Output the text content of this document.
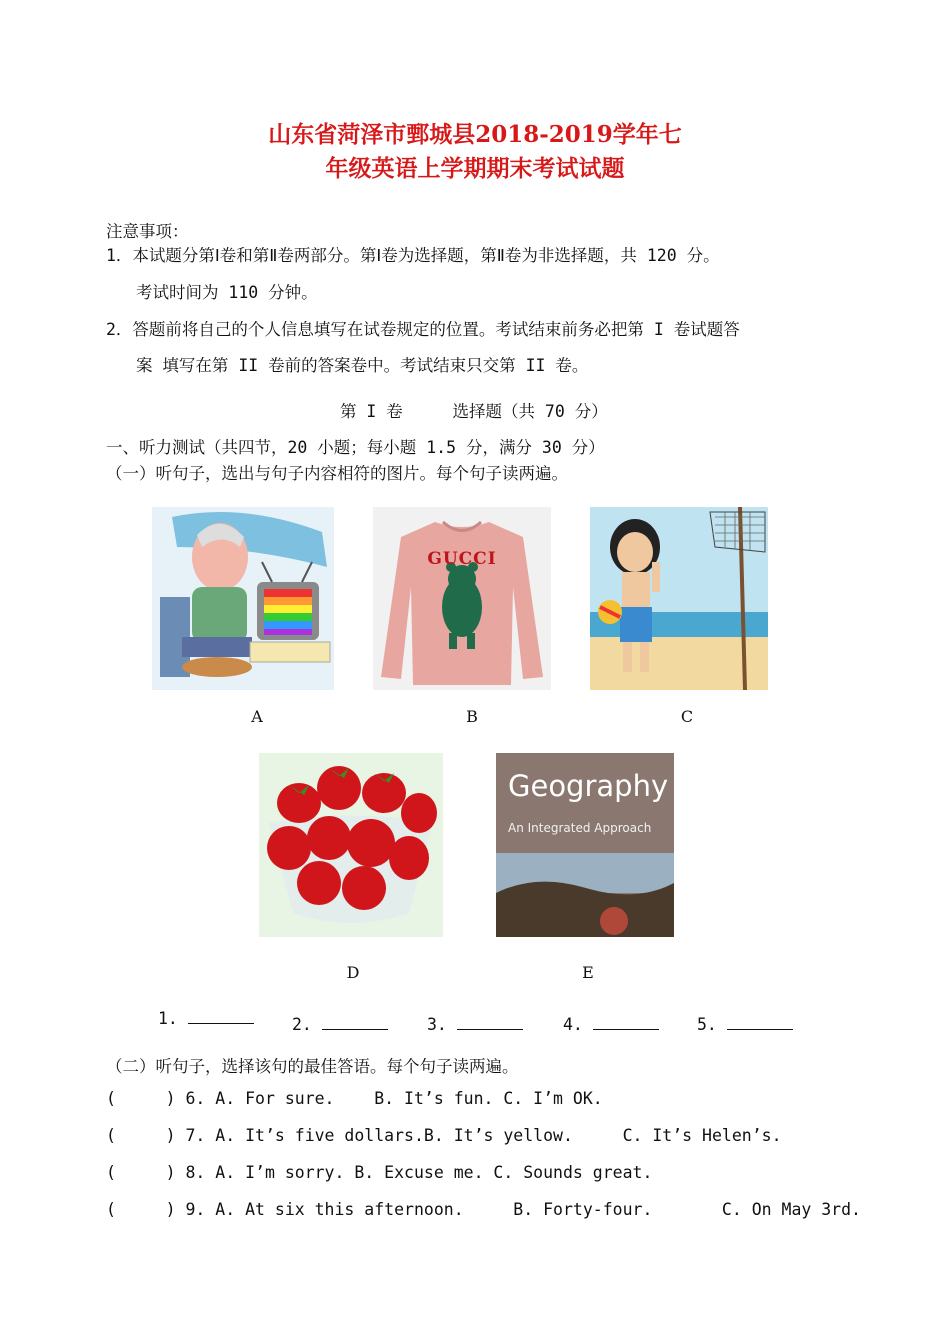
山东省菏泽市鄄城县2018-2019学年七
年级英语上学期期末考试试题
注意事项：
1．本试题分第Ⅰ卷和第Ⅱ卷两部分。第Ⅰ卷为选择题，第Ⅱ卷为非选择题，共 120 分。
考试时间为 110 分钟。
2．答题前将自己的个人信息填写在试卷规定的位置。考试结束前务必把第 I 卷试题答
案 填写在第 II 卷前的答案卷中。考试结束只交第 II 卷。
第 I 卷     选择题（共 70 分）
一、听力测试（共四节，20 小题；每小题 1.5 分，满分 30 分）
（一）听句子，选出与句子内容相符的图片。每个句子读两遍。
GUCCI
A	B	C
Geography
An Integrated Approach
D	E
1.	2.	3.	4.	5.
（二）听句子，选择该句的最佳答语。每个句子读两遍。
(     ) 6. A. For sure.    B. It’s fun. C. I’m OK.
(     ) 7. A. It’s five dollars.B. It’s yellow.     C. It’s Helen’s.
(     ) 8. A. I’m sorry. B. Excuse me. C. Sounds great.
(     ) 9. A. At six this afternoon.     B. Forty-four.       C. On May 3rd.
